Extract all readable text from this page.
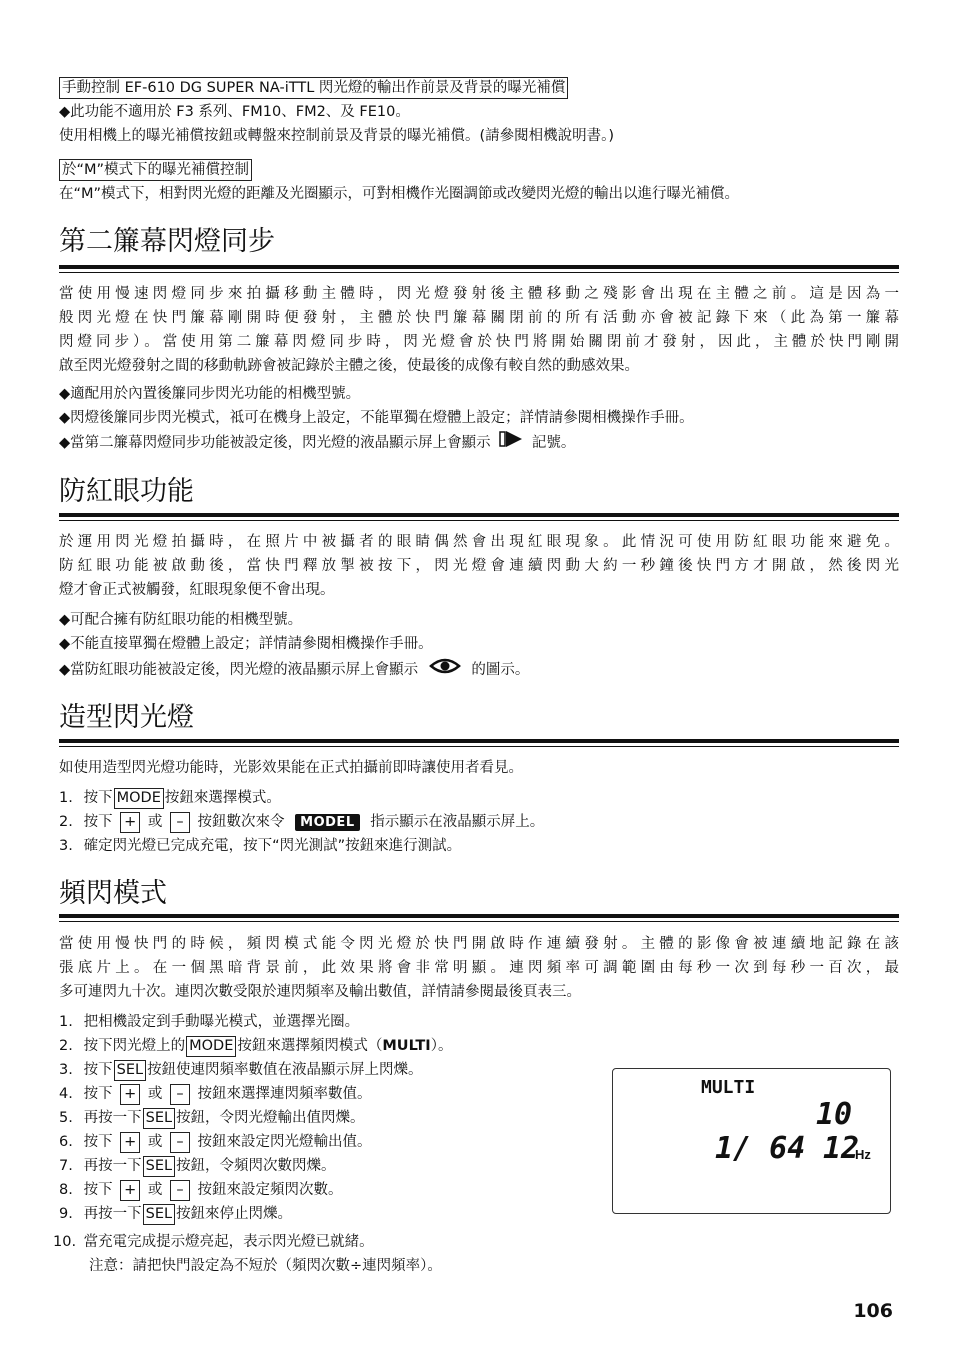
手動控制 EF-610 DG SUPER NA-iTTL 閃光燈的輸出作前景及背景的曝光補償
◆此功能不適用於 F3 系列、FM10、FM2、及 FE10。
使用相機上的曝光補償按鈕或轉盤來控制前景及背景的曝光補償。(請參閱相機說明書。)
於“M”模式下的曝光補償控制
在“M”模式下，相對閃光燈的距離及光圈顯示，可對相機作光圈調節或改變閃光燈的輸出以進行曝光補償。
第二簾幕閃燈同步
當使用慢速閃燈同步來拍攝移動主體時，閃光燈發射後主體移動之殘影會出現在主體之前。這是因為一
般閃光燈在快門簾幕剛開時便發射，主體於快門簾幕關閉前的所有活動亦會被記錄下來（此為第一簾幕
閃燈同步）。當使用第二簾幕閃燈同步時，閃光燈會於快門將開始關閉前才發射，因此，主體於快門剛開
啟至閃光燈發射之間的移動軌跡會被記錄於主體之後，使最後的成像有較自然的動感效果。
◆適配用於內置後簾同步閃光功能的相機型號。
◆閃燈後簾同步閃光模式，祗可在機身上設定，不能單獨在燈體上設定；詳情請參閱相機操作手冊。
◆當第二簾幕閃燈同步功能被設定後，閃光燈的液晶顯示屏上會顯示	記號。
防紅眼功能
於運用閃光燈拍攝時，在照片中被攝者的眼睛偶然會出現紅眼現象。此情況可使用防紅眼功能來避免。
防紅眼功能被啟動後，當快門釋放掣被按下，閃光燈會連續閃動大約一秒鐘後快門方才開啟，然後閃光
燈才會正式被觸發，紅眼現象便不會出現。
◆可配合擁有防紅眼功能的相機型號。
◆不能直接單獨在燈體上設定；詳情請參閱相機操作手冊。
◆當防紅眼功能被設定後，閃光燈的液晶顯示屏上會顯示	的圖示。
造型閃光燈
如使用造型閃光燈功能時，光影效果能在正式拍攝前即時讓使用者看見。
1. 按下 MODE 按鈕來選擇模式。
2. 按下 + 或 – 按鈕數次來令 MODEL 指示顯示在液晶顯示屏上。
3. 確定閃光燈已完成充電，按下“閃光測試”按鈕來進行測試。
頻閃模式
當使用慢快門的時候，頻閃模式能令閃光燈於快門開啟時作連續發射。主體的影像會被連續地記錄在該
張底片上。在一個黑暗背景前，此效果將會非常明顯。連閃頻率可調範圍由每秒一次到每秒一百次，最
多可連閃九十次。連閃次數受限於連閃頻率及輸出數值，詳情請參閱最後頁表三。
1. 把相機設定到手動曝光模式，並選擇光圈。
2. 按下閃光燈上的 MODE 按鈕來選擇頻閃模式（MULTI）。
3. 按下 SEL 按鈕使連閃頻率數值在液晶顯示屏上閃爍。
4. 按下 + 或 – 按鈕來選擇連閃頻率數值。
5. 再按一下 SEL 按鈕，令閃光燈輸出值閃爍。
6. 按下 + 或 – 按鈕來設定閃光燈輸出值。
7. 再按一下 SEL 按鈕，令頻閃次數閃爍。
8. 按下 + 或 – 按鈕來設定頻閃次數。
9. 再按一下 SEL 按鈕來停止閃爍。
10. 當充電完成提示燈亮起，表示閃光燈已就緒。
注意：請把快門設定為不短於（頻閃次數÷連閃頻率）。
MULTI
10
1/ 64 12
Hz
106
